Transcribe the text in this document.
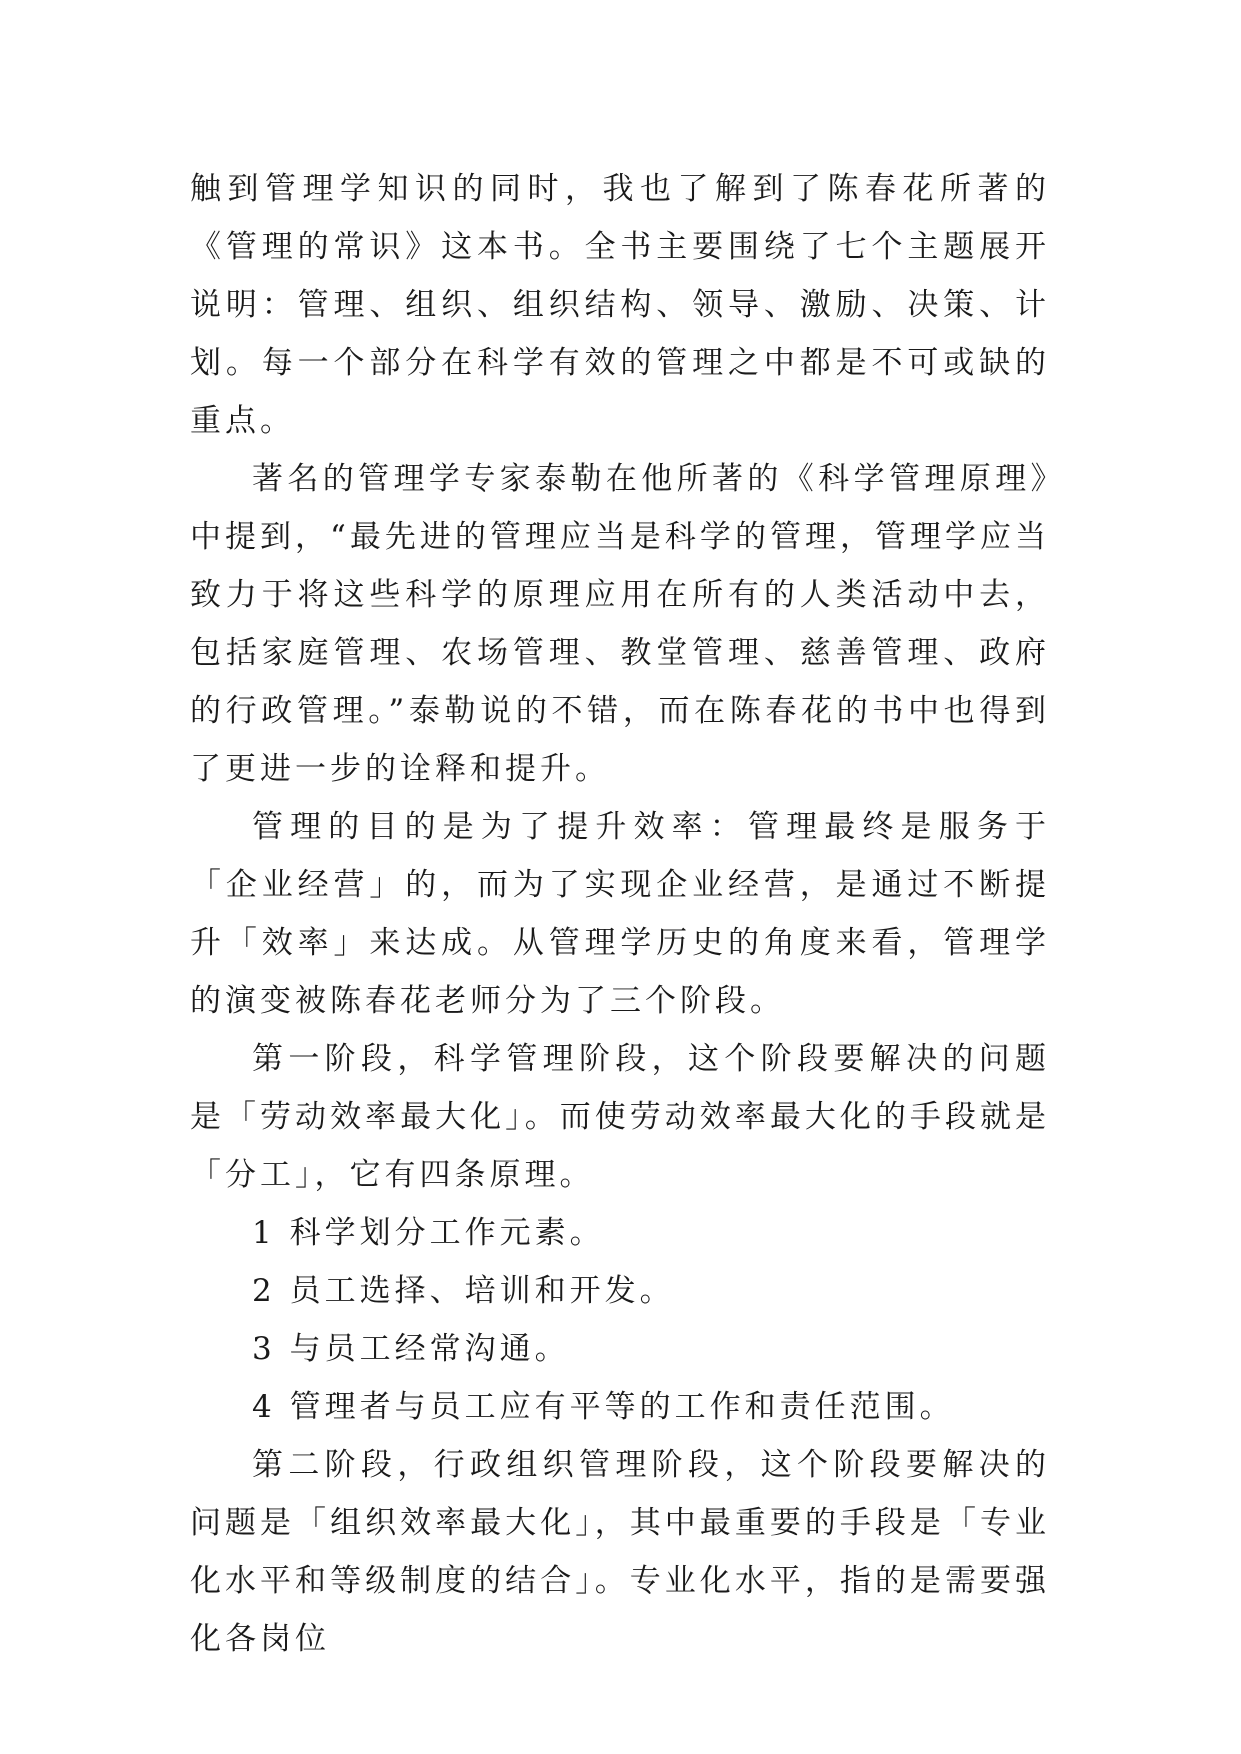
触到管理学知识的同时，我也了解到了陈春花所著的《管理的常识》这本书。全书主要围绕了七个主题展开说明：管理、组织、组织结构、领导、激励、决策、计划。每一个部分在科学有效的管理之中都是不可或缺的重点。

著名的管理学专家泰勒在他所著的《科学管理原理》中提到，“最先进的管理应当是科学的管理，管理学应当致力于将这些科学的原理应用在所有的人类活动中去，包括家庭管理、农场管理、教堂管理、慈善管理、政府的行政管理。”泰勒说的不错，而在陈春花的书中也得到了更进一步的诠释和提升。

管理的目的是为了提升效率：管理最终是服务于「企业经营」的，而为了实现企业经营，是通过不断提升「效率」来达成。从管理学历史的角度来看，管理学的演变被陈春花老师分为了三个阶段。

第一阶段，科学管理阶段，这个阶段要解决的问题是「劳动效率最大化」。而使劳动效率最大化的手段就是「分工」，它有四条原理。

1 科学划分工作元素。

2 员工选择、培训和开发。

3 与员工经常沟通。

4 管理者与员工应有平等的工作和责任范围。

第二阶段，行政组织管理阶段，这个阶段要解决的问题是「组织效率最大化」，其中最重要的手段是「专业化水平和等级制度的结合」。专业化水平，指的是需要强化各岗位
